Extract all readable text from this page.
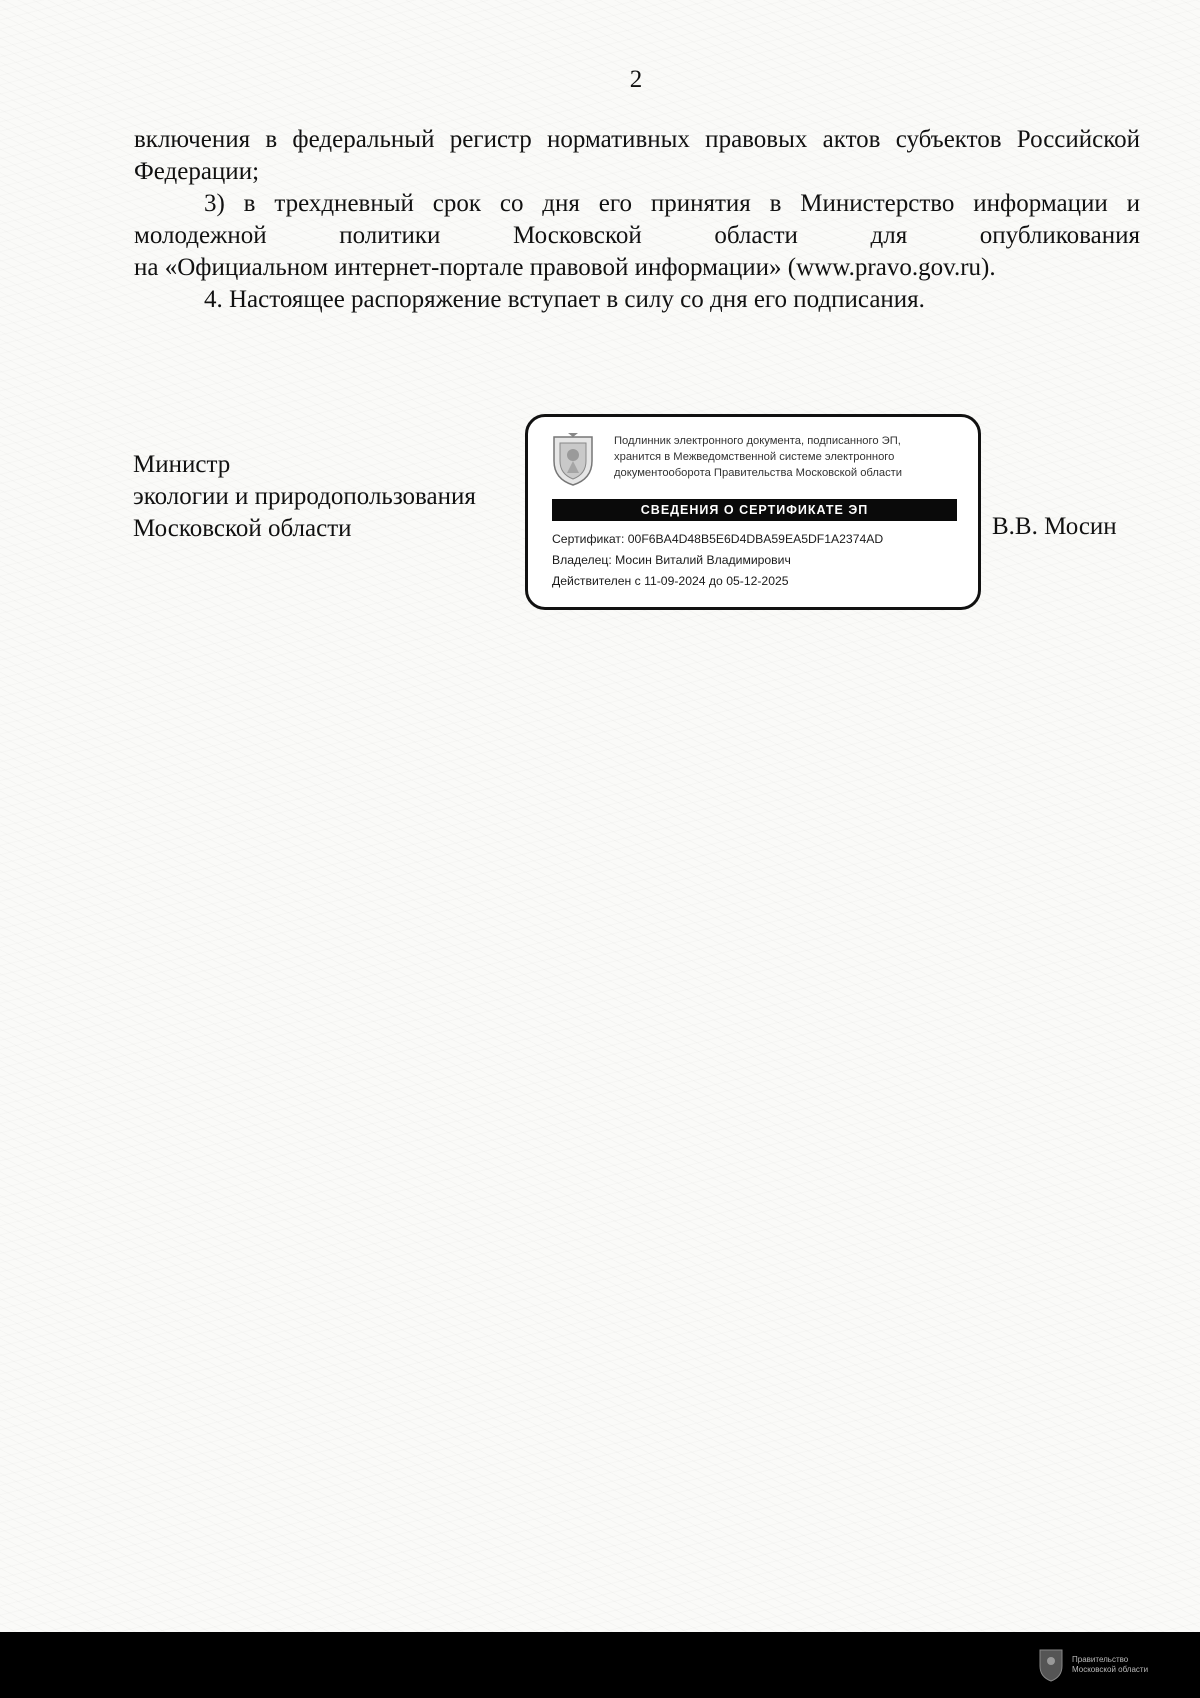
2

включения в федеральный регистр нормативных правовых актов субъектов Российской Федерации;

3) в трехдневный срок со дня его принятия в Министерство информации и молодежной политики Московской области для опубликования

на «Официальном интернет-портале правовой информации» (www.pravo.gov.ru).

4. Настоящее распоряжение вступает в силу со дня его подписания.

Министр
экологии и природопользования
Московской области
Подлинник электронного документа, подписанного ЭП,
хранится в Межведомственной системе электронного
документооборота Правительства Московской области
СВЕДЕНИЯ О СЕРТИФИКАТЕ ЭП
Сертификат: 00F6BA4D48B5E6D4DBA59EA5DF1A2374AD
Владелец: Мосин Виталий Владимирович
Действителен с 11-09-2024 до 05-12-2025
В.В. Мосин
Правительство
Московской области
